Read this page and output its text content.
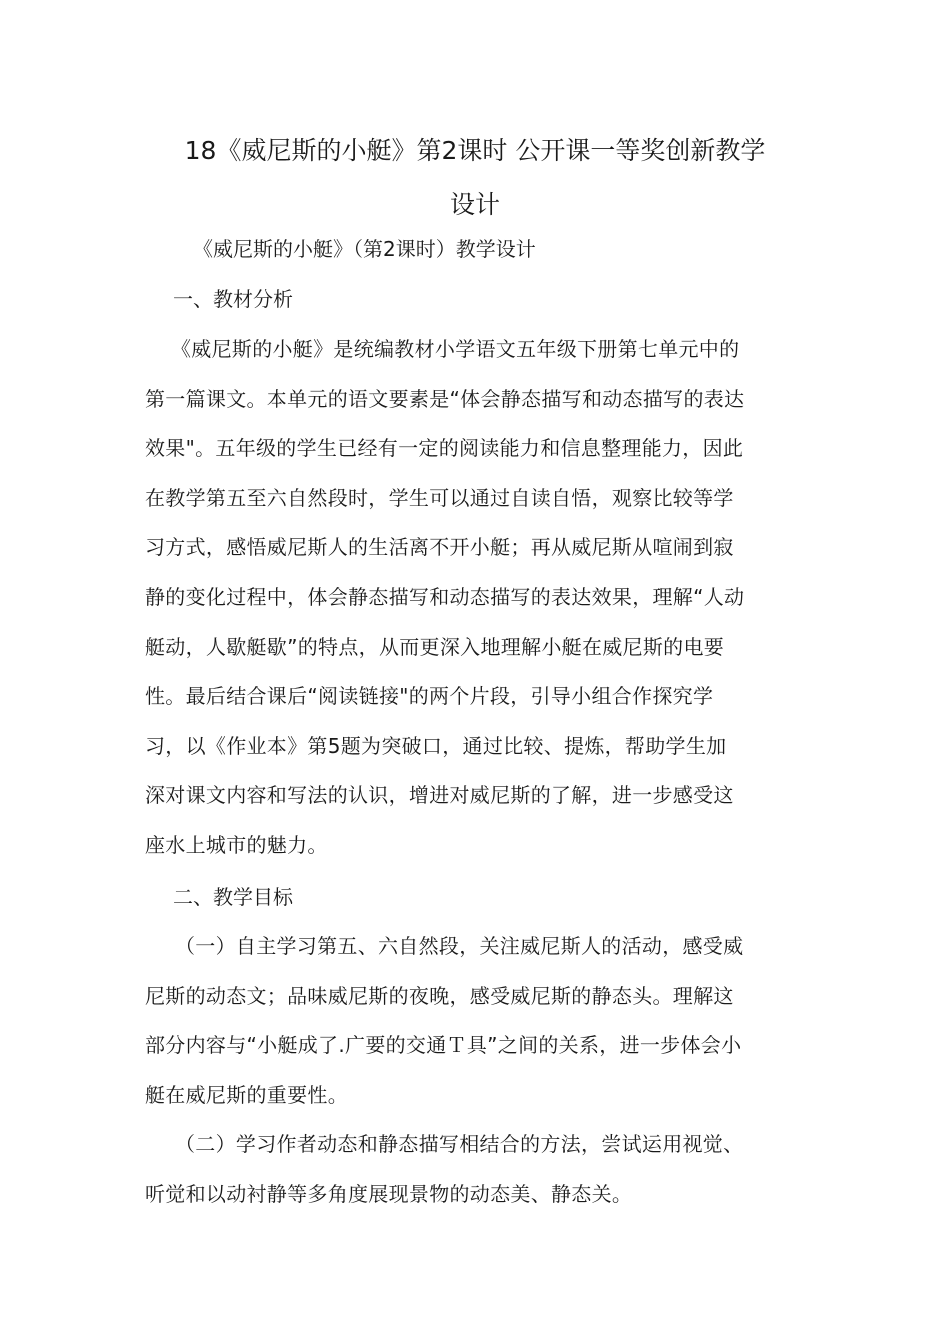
18《威尼斯的小艇》第2课时 公开课一等奖创新教学
设计

《威尼斯的小艇》（第2课时）教学设计

一、教材分析

《威尼斯的小艇》是统编教材小学语文五年级下册第七单元中的
第一篇课文。本单元的语文要素是“体会静态描写和动态描写的表达
效果"。五年级的学生已经有一定的阅读能力和信息整理能力，因此
在教学第五至六自然段时，学生可以通过自读自悟，观察比较等学
习方式，感悟威尼斯人的生活离不开小艇；再从威尼斯从喧闹到寂
静的变化过程中，体会静态描写和动态描写的表达效果，理解“人动
艇动，人歇艇歇”的特点，从而更深入地理解小艇在威尼斯的电要
性。最后结合课后“阅读链接"的两个片段，引导小组合作探究学
习，以《作业本》第5题为突破口，通过比较、提炼，帮助学生加
深对课文内容和写法的认识，增进对威尼斯的了解，进一步感受这
座水上城市的魅力。

二、教学目标

（一）自主学习第五、六自然段，关注威尼斯人的活动，感受威
尼斯的动态文；品味威尼斯的夜晚，感受威尼斯的静态头。理解这
部分内容与“小艇成了.广要的交通Ｔ具”之间的关系，进一步体会小
艇在威尼斯的重要性。
（二）学习作者动态和静态描写相结合的方法，尝试运用视觉、
听觉和以动衬静等多角度展现景物的动态美、静态关。
